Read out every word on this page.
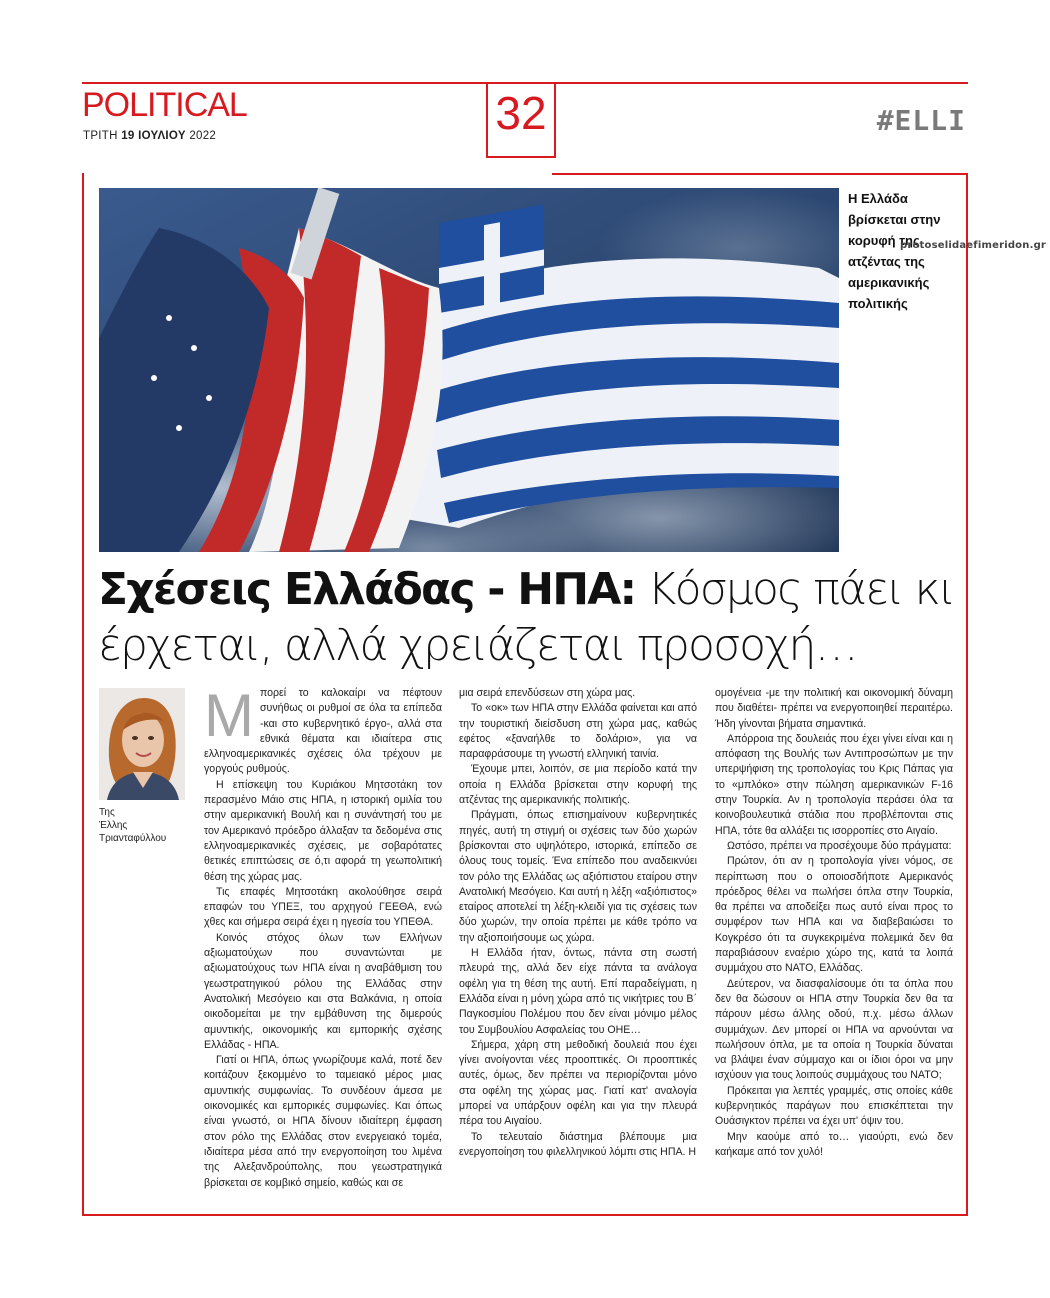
POLITICAL
ΤΡΙΤΗ 19 ΙΟΥΛΙΟΥ 2022	32	#ELLI
Η Ελλάδα βρίσκεται στην κορυφή της ατζέντας της αμερικανικής πολιτικής
protoselidaefimeridon.gr
Σχέσεις Ελλάδας - ΗΠΑ: Κόσμος πάει κι έρχεται, αλλά χρειάζεται προσοχή…
Της
Έλλης
Τριανταφύλλου

Μπορεί το καλοκαίρι να πέφτουν συνήθως οι ρυθμοί σε όλα τα επίπεδα -και στο κυβερνητικό έργο-, αλλά στα εθνικά θέματα και ιδιαίτερα στις ελληνοαμερικανικές σχέσεις όλα τρέχουν με γοργούς ρυθμούς.

Η επίσκεψη του Κυριάκου Μητσοτάκη τον περασμένο Μάιο στις ΗΠΑ, η ιστορική ομιλία του στην αμερικανική Βουλή και η συνάντησή του με τον Αμερικανό πρόεδρο άλλαξαν τα δεδομένα στις ελληνοαμερικανικές σχέσεις, με σοβαρότατες θετικές επιπτώσεις σε ό,τι αφορά τη γεωπολιτική θέση της χώρας μας.

Τις επαφές Μητσοτάκη ακολούθησε σειρά επαφών του ΥΠΕΞ, του αρχηγού ΓΕΕΘΑ, ενώ χθες και σήμερα σειρά έχει η ηγεσία του ΥΠΕΘΑ.

Κοινός στόχος όλων των Ελλήνων αξιωματούχων που συναντώνται με αξιωματούχους των ΗΠΑ είναι η αναβάθμιση του γεωστρατηγικού ρόλου της Ελλάδας στην Ανατολική Μεσόγειο και στα Βαλκάνια, η οποία οικοδομείται με την εμβάθυνση της διμερούς αμυντικής, οικονομικής και εμπορικής σχέσης Ελλάδας - ΗΠΑ.

Γιατί οι ΗΠΑ, όπως γνωρίζουμε καλά, ποτέ δεν κοιτάζουν ξεκομμένο το ταμειακό μέρος μιας αμυντικής συμφωνίας. Το συνδέουν άμεσα με οικονομικές και εμπορικές συμφωνίες. Και όπως είναι γνωστό, οι ΗΠΑ δίνουν ιδιαίτερη έμφαση στον ρόλο της Ελλάδας στον ενεργειακό τομέα, ιδιαίτερα μέσα από την ενεργοποίηση του λιμένα της Αλεξανδρούπολης, που γεωστρατηγικά βρίσκεται σε κομβικό σημείο, καθώς και σε

μια σειρά επενδύσεων στη χώρα μας.

Το «οκ» των ΗΠΑ στην Ελλάδα φαίνεται και από την τουριστική διείσδυση στη χώρα μας, καθώς εφέτος «ξαναήλθε το δολάριο», για να παραφράσουμε τη γνωστή ελληνική ταινία.

Έχουμε μπει, λοιπόν, σε μια περίοδο κατά την οποία η Ελλάδα βρίσκεται στην κορυφή της ατζέντας της αμερικανικής πολιτικής.

Πράγματι, όπως επισημαίνουν κυβερνητικές πηγές, αυτή τη στιγμή οι σχέσεις των δύο χωρών βρίσκονται στο υψηλότερο, ιστορικά, επίπεδο σε όλους τους τομείς. Ένα επίπεδο που αναδεικνύει τον ρόλο της Ελλάδας ως αξιόπιστου εταίρου στην Ανατολική Μεσόγειο. Και αυτή η λέξη «αξιόπιστος» εταίρος αποτελεί τη λέξη-κλειδί για τις σχέσεις των δύο χωρών, την οποία πρέπει με κάθε τρόπο να την αξιοποιήσουμε ως χώρα.

Η Ελλάδα ήταν, όντως, πάντα στη σωστή πλευρά της, αλλά δεν είχε πάντα τα ανάλογα οφέλη για τη θέση της αυτή. Επί παραδείγματι, η Ελλάδα είναι η μόνη χώρα από τις νικήτριες του Β΄ Παγκοσμίου Πολέμου που δεν είναι μόνιμο μέλος του Συμβουλίου Ασφαλείας του ΟΗΕ…

Σήμερα, χάρη στη μεθοδική δουλειά που έχει γίνει ανοίγονται νέες προοπτικές. Οι προοπτικές αυτές, όμως, δεν πρέπει να περιορίζονται μόνο στα οφέλη της χώρας μας. Γιατί κατ' αναλογία μπορεί να υπάρξουν οφέλη και για την πλευρά πέρα του Αιγαίου.

Το τελευταίο διάστημα βλέπουμε μια ενεργοποίηση του φιλελληνικού λόμπι στις ΗΠΑ. Η

ομογένεια -με την πολιτική και οικονομική δύναμη που διαθέτει- πρέπει να ενεργοποιηθεί περαιτέρω. Ήδη γίνονται βήματα σημαντικά.

Απόρροια της δουλειάς που έχει γίνει είναι και η απόφαση της Βουλής των Αντιπροσώπων με την υπερψήφιση της τροπολογίας του Κρις Πάπας για το «μπλόκο» στην πώληση αμερικανικών F-16 στην Τουρκία. Αν η τροπολογία περάσει όλα τα κοινοβουλευτικά στάδια που προβλέπονται στις ΗΠΑ, τότε θα αλλάξει τις ισορροπίες στο Αιγαίο.

Ωστόσο, πρέπει να προσέχουμε δύο πράγματα:

Πρώτον, ότι αν η τροπολογία γίνει νόμος, σε περίπτωση που ο οποιοσδήποτε Αμερικανός πρόεδρος θέλει να πωλήσει όπλα στην Τουρκία, θα πρέπει να αποδείξει πως αυτό είναι προς το συμφέρον των ΗΠΑ και να διαβεβαιώσει το Κογκρέσο ότι τα συγκεκριμένα πολεμικά δεν θα παραβιάσουν εναέριο χώρο της, κατά τα λοιπά συμμάχου στο ΝΑΤΟ, Ελλάδας.

Δεύτερον, να διασφαλίσουμε ότι τα όπλα που δεν θα δώσουν οι ΗΠΑ στην Τουρκία δεν θα τα πάρουν μέσω άλλης οδού, π.χ. μέσω άλλων συμμάχων. Δεν μπορεί οι ΗΠΑ να αρνούνται να πωλήσουν όπλα, με τα οποία η Τουρκία δύναται να βλάψει έναν σύμμαχο και οι ίδιοι όροι να μην ισχύουν για τους λοιπούς συμμάχους του ΝΑΤΟ;

Πρόκειται για λεπτές γραμμές, στις οποίες κάθε κυβερνητικός παράγων που επισκέπτεται την Ουάσιγκτον πρέπει να έχει υπ' όψιν του.

Μην καούμε από το… γιαούρτι, ενώ δεν καήκαμε από τον χυλό!
